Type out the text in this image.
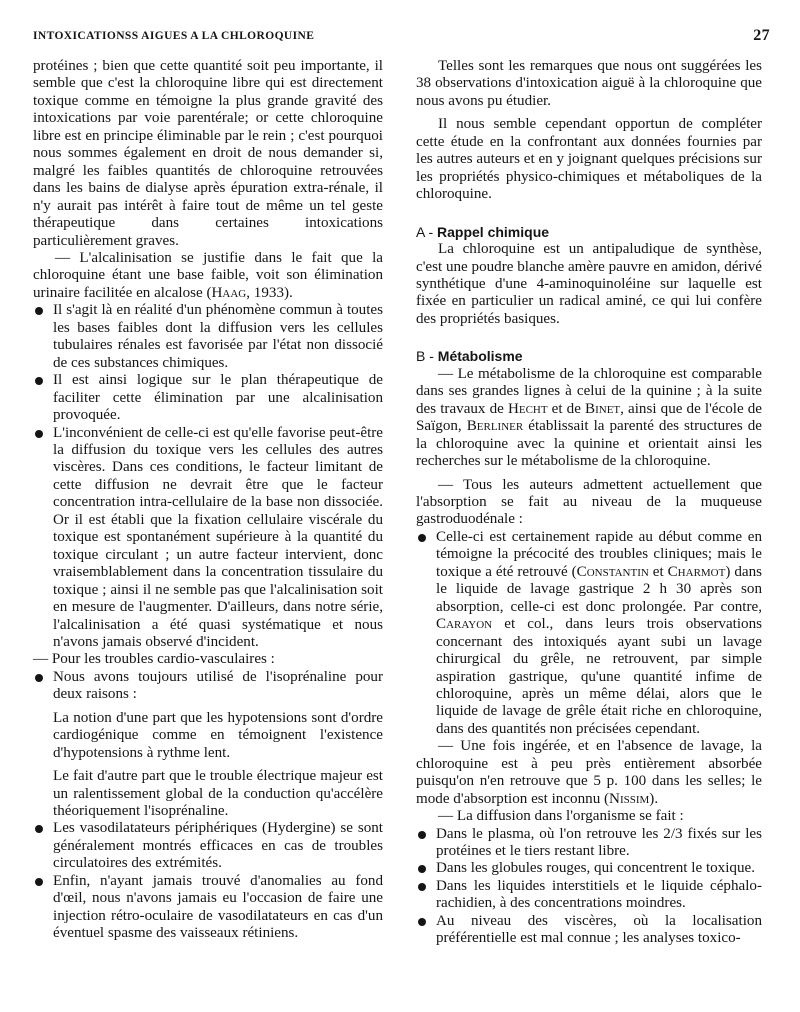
INTOXICATIONSS AIGUES A LA CHLOROQUINE	27

protéines ; bien que cette quantité soit peu importante, il semble que c'est la chloroquine libre qui est directement toxique comme en témoigne la plus grande gravité des intoxications par voie parentérale; or cette chloroquine libre est en principe éliminable par le rein ; c'est pourquoi nous sommes également en droit de nous demander si, malgré les faibles quantités de chloroquine retrouvées dans les bains de dialyse après épuration extra-rénale, il n'y aurait pas intérêt à faire tout de même un tel geste thérapeutique dans certaines intoxications particulièrement graves.

— L'alcalinisation se justifie dans le fait que la chloroquine étant une base faible, voit son élimination urinaire facilitée en alcalose (Haag, 1933).

Il s'agit là en réalité d'un phénomène commun à toutes les bases faibles dont la diffusion vers les cellules tubulaires rénales est favorisée par l'état non dissocié de ces substances chimiques.
Il est ainsi logique sur le plan thérapeutique de faciliter cette élimination par une alcalinisation provoquée.
L'inconvénient de celle-ci est qu'elle favorise peut-être la diffusion du toxique vers les cellules des autres viscères. Dans ces conditions, le facteur limitant de cette diffusion ne devrait être que le facteur concentration intra-cellulaire de la base non dissociée. Or il est établi que la fixation cellulaire viscérale du toxique est spontanément supérieure à la quantité du toxique circulant ; un autre facteur intervient, donc vraisemblablement dans la concentration tissulaire du toxique ; ainsi il ne semble pas que l'alcalinisation soit en mesure de l'augmenter. D'ailleurs, dans notre série, l'alcalinisation a été quasi systématique et nous n'avons jamais observé d'incident.

— Pour les troubles cardio-vasculaires :

Nous avons toujours utilisé de l'isoprénaline pour deux raisons :

La notion d'une part que les hypotensions sont d'ordre cardiogénique comme en témoignent l'existence d'hypotensions à rythme lent.

Le fait d'autre part que le trouble électrique majeur est un ralentissement global de la conduction qu'accélère théoriquement l'isoprénaline.

Les vasodilatateurs périphériques (Hydergine) se sont généralement montrés efficaces en cas de troubles circulatoires des extrémités.
Enfin, n'ayant jamais trouvé d'anomalies au fond d'œil, nous n'avons jamais eu l'occasion de faire une injection rétro-oculaire de vasodilatateurs en cas d'un éventuel spasme des vaisseaux rétiniens.

Telles sont les remarques que nous ont suggérées les 38 observations d'intoxication aiguë à la chloroquine que nous avons pu étudier.

Il nous semble cependant opportun de compléter cette étude en la confrontant aux données fournies par les autres auteurs et en y joignant quelques précisions sur les propriétés physico-chimiques et métaboliques de la chloroquine.

A - Rappel chimique

La chloroquine est un antipaludique de synthèse, c'est une poudre blanche amère pauvre en amidon, dérivé synthétique d'une 4-aminoquinoléine sur laquelle est fixée en particulier un radical aminé, ce qui lui confère des propriétés basiques.

B - Métabolisme

— Le métabolisme de la chloroquine est comparable dans ses grandes lignes à celui de la quinine ; à la suite des travaux de Hecht et de Binet, ainsi que de l'école de Saïgon, Berliner établissait la parenté des structures de la chloroquine avec la quinine et orientait ainsi les recherches sur le métabolisme de la chloroquine.

— Tous les auteurs admettent actuellement que l'absorption se fait au niveau de la muqueuse gastroduodénale :

Celle-ci est certainement rapide au début comme en témoigne la précocité des troubles cliniques; mais le toxique a été retrouvé (Constantin et Charmot) dans le liquide de lavage gastrique 2 h 30 après son absorption, celle-ci est donc prolongée. Par contre, Carayon et col., dans leurs trois observations concernant des intoxiqués ayant subi un lavage chirurgical du grêle, ne retrouvent, par simple aspiration gastrique, qu'une quantité infime de chloroquine, après un même délai, alors que le liquide de lavage de grêle était riche en chloroquine, dans des quantités non précisées cependant.

— Une fois ingérée, et en l'absence de lavage, la chloroquine est à peu près entièrement absorbée puisqu'on n'en retrouve que 5 p. 100 dans les selles; le mode d'absorption est inconnu (Nissim).

— La diffusion dans l'organisme se fait :

Dans le plasma, où l'on retrouve les 2/3 fixés sur les protéines et le tiers restant libre.
Dans les globules rouges, qui concentrent le toxique.
Dans les liquides interstitiels et le liquide céphalo-rachidien, à des concentrations moindres.
Au niveau des viscères, où la localisation préférentielle est mal connue ; les analyses toxico-
